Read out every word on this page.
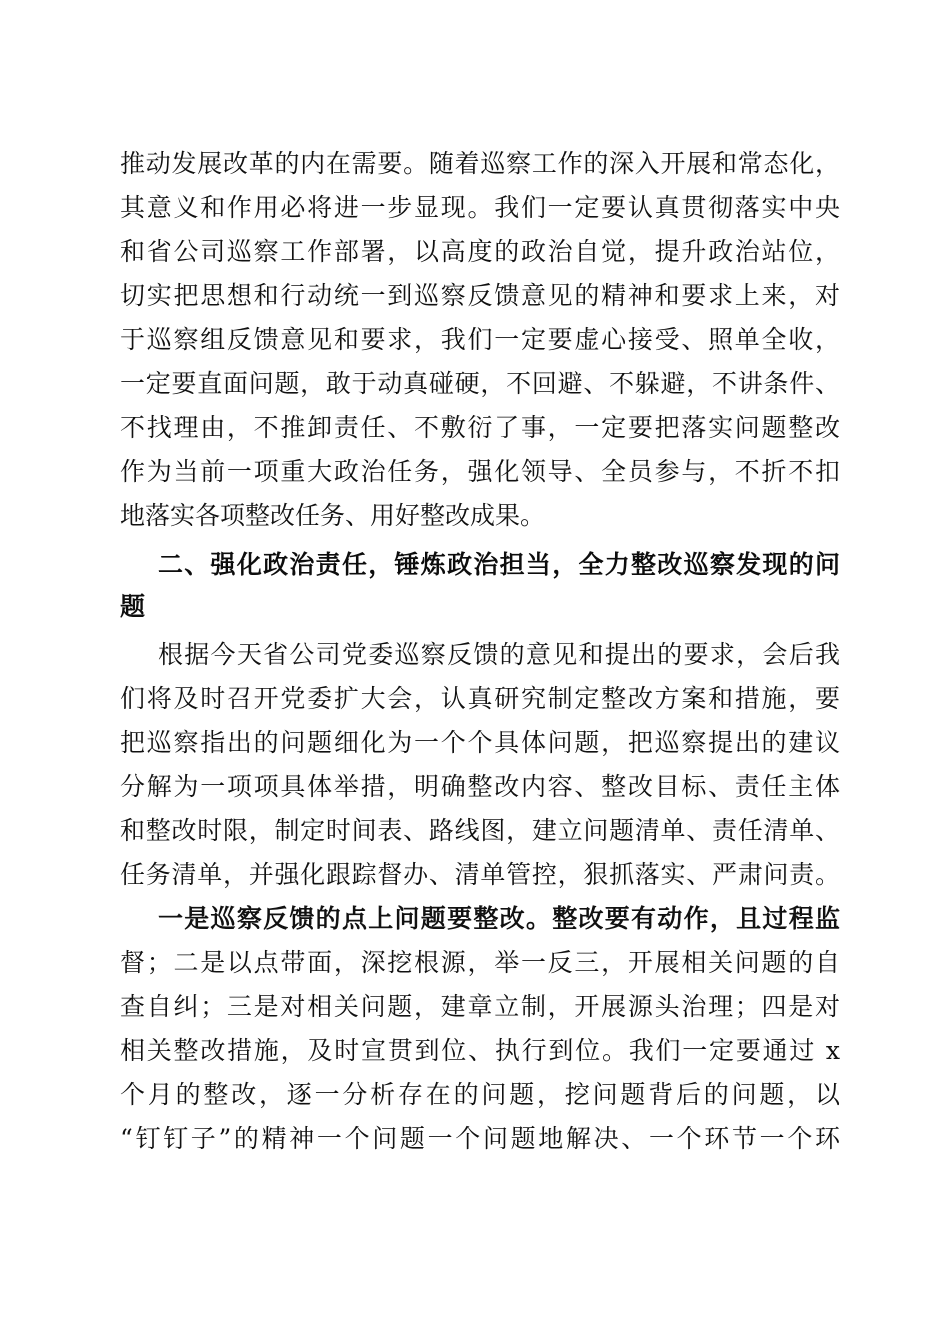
推动发展改革的内在需要。随着巡察工作的深入开展和常态化，
其意义和作用必将进一步显现。我们一定要认真贯彻落实中央
和省公司巡察工作部署，以高度的政治自觉，提升政治站位，
切实把思想和行动统一到巡察反馈意见的精神和要求上来，对
于巡察组反馈意见和要求，我们一定要虚心接受、照单全收，
一定要直面问题，敢于动真碰硬，不回避、不躲避，不讲条件、
不找理由，不推卸责任、不敷衍了事，一定要把落实问题整改
作为当前一项重大政治任务，强化领导、全员参与，不折不扣
地落实各项整改任务、用好整改成果。
二、强化政治责任，锤炼政治担当，全力整改巡察发现的问
题
根据今天省公司党委巡察反馈的意见和提出的要求，会后我
们将及时召开党委扩大会，认真研究制定整改方案和措施，要
把巡察指出的问题细化为一个个具体问题，把巡察提出的建议
分解为一项项具体举措，明确整改内容、整改目标、责任主体
和整改时限，制定时间表、路线图，建立问题清单、责任清单、
任务清单，并强化跟踪督办、清单管控，狠抓落实、严肃问责。
一是巡察反馈的点上问题要整改。整改要有动作，且过程监
督；二是以点带面，深挖根源，举一反三，开展相关问题的自
查自纠；三是对相关问题，建章立制，开展源头治理；四是对
相关整改措施，及时宣贯到位、执行到位。我们一定要通过 x
个月的整改，逐一分析存在的问题，挖问题背后的问题，以
“钉钉子”的精神一个问题一个问题地解决、一个环节一个环
